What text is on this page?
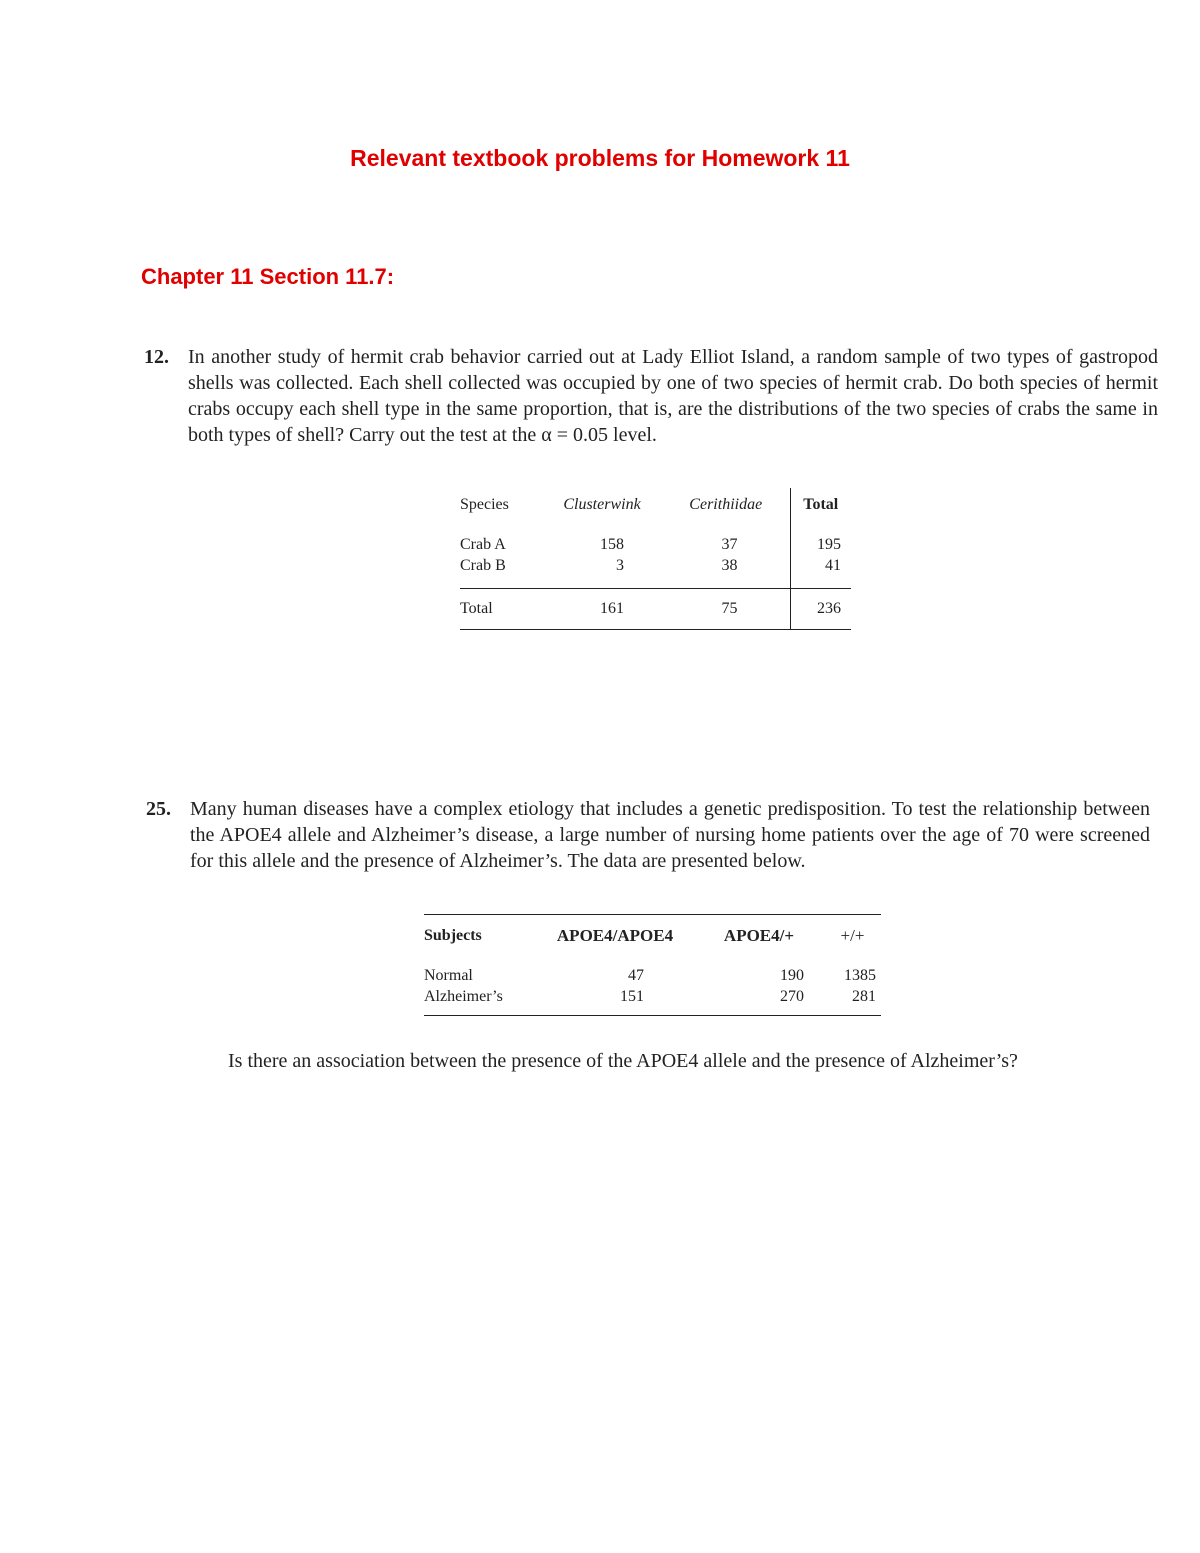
Relevant textbook problems for Homework 11
Chapter 11 Section 11.7:
12. In another study of hermit crab behavior carried out at Lady Elliot Island, a random sample of two types of gastropod shells was collected. Each shell collected was occupied by one of two species of hermit crab. Do both species of hermit crabs occupy each shell type in the same proportion, that is, are the distributions of the two species of crabs the same in both types of shell? Carry out the test at the α = 0.05 level.

Species	Clusterwink	Cerithiidae	Total

Crab A	158	37	195
Crab B	3	38	41

Total	161	75	236
25. Many human diseases have a complex etiology that includes a genetic predisposition. To test the relationship between the APOE4 allele and Alzheimer’s disease, a large number of nursing home patients over the age of 70 were screened for this allele and the presence of Alzheimer’s. The data are presented below.

Subjects	APOE4/APOE4	APOE4/+	+/+

Normal	47	190	1385
Alzheimer’s	151	270	281

Is there an association between the presence of the APOE4 allele and the presence of Alzheimer’s?
